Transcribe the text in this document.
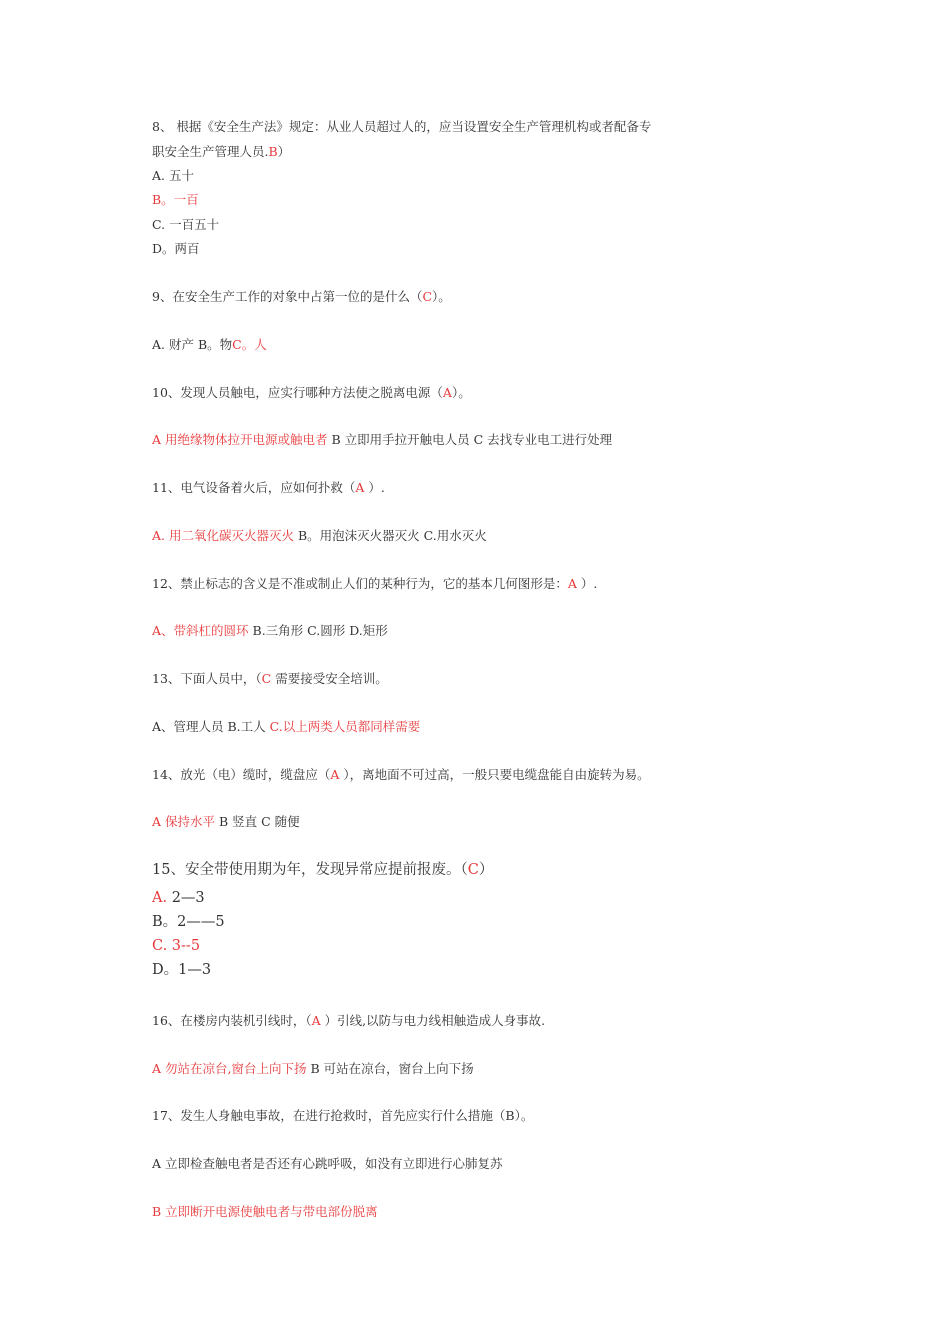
8、 根据《安全生产法》规定：从业人员超过人的，应当设置安全生产管理机构或者配备专
职安全生产管理人员.B）
A. 五十
B。一百
C. 一百五十
D。两百
9、在安全生产工作的对象中占第一位的是什么（C）。
A. 财产 B。物C。人
10、发现人员触电，应实行哪种方法使之脱离电源（A）。
A 用绝缘物体拉开电源或触电者 B 立即用手拉开触电人员 C 去找专业电工进行处理
11、电气设备着火后，应如何扑救（A ）.
A. 用二氧化碳灭火器灭火 B。用泡沫灭火器灭火 C.用水灭火
12、禁止标志的含义是不准或制止人们的某种行为，它的基本几何图形是：A ）.
A、带斜杠的圆环 B.三角形 C.圆形 D.矩形
13、下面人员中，（C 需要接受安全培训。
A、管理人员 B.工人 C.以上两类人员都同样需要
14、放光（电）缆时，缆盘应（A ），离地面不可过高，一般只要电缆盘能自由旋转为易。
A 保持水平 B 竖直 C 随便
15、安全带使用期为年，发现异常应提前报废。（C）
A. 2—3
B。2——5
C. 3--5
D。1—3
16、在楼房内装机引线时，（A ）引线,以防与电力线相触造成人身事故.
A 勿站在凉台,窗台上向下扬 B 可站在凉台，窗台上向下扬
17、发生人身触电事故，在进行抢救时，首先应实行什么措施（B）。
A 立即检查触电者是否还有心跳呼吸，如没有立即进行心肺复苏
B 立即断开电源使触电者与带电部份脱离
